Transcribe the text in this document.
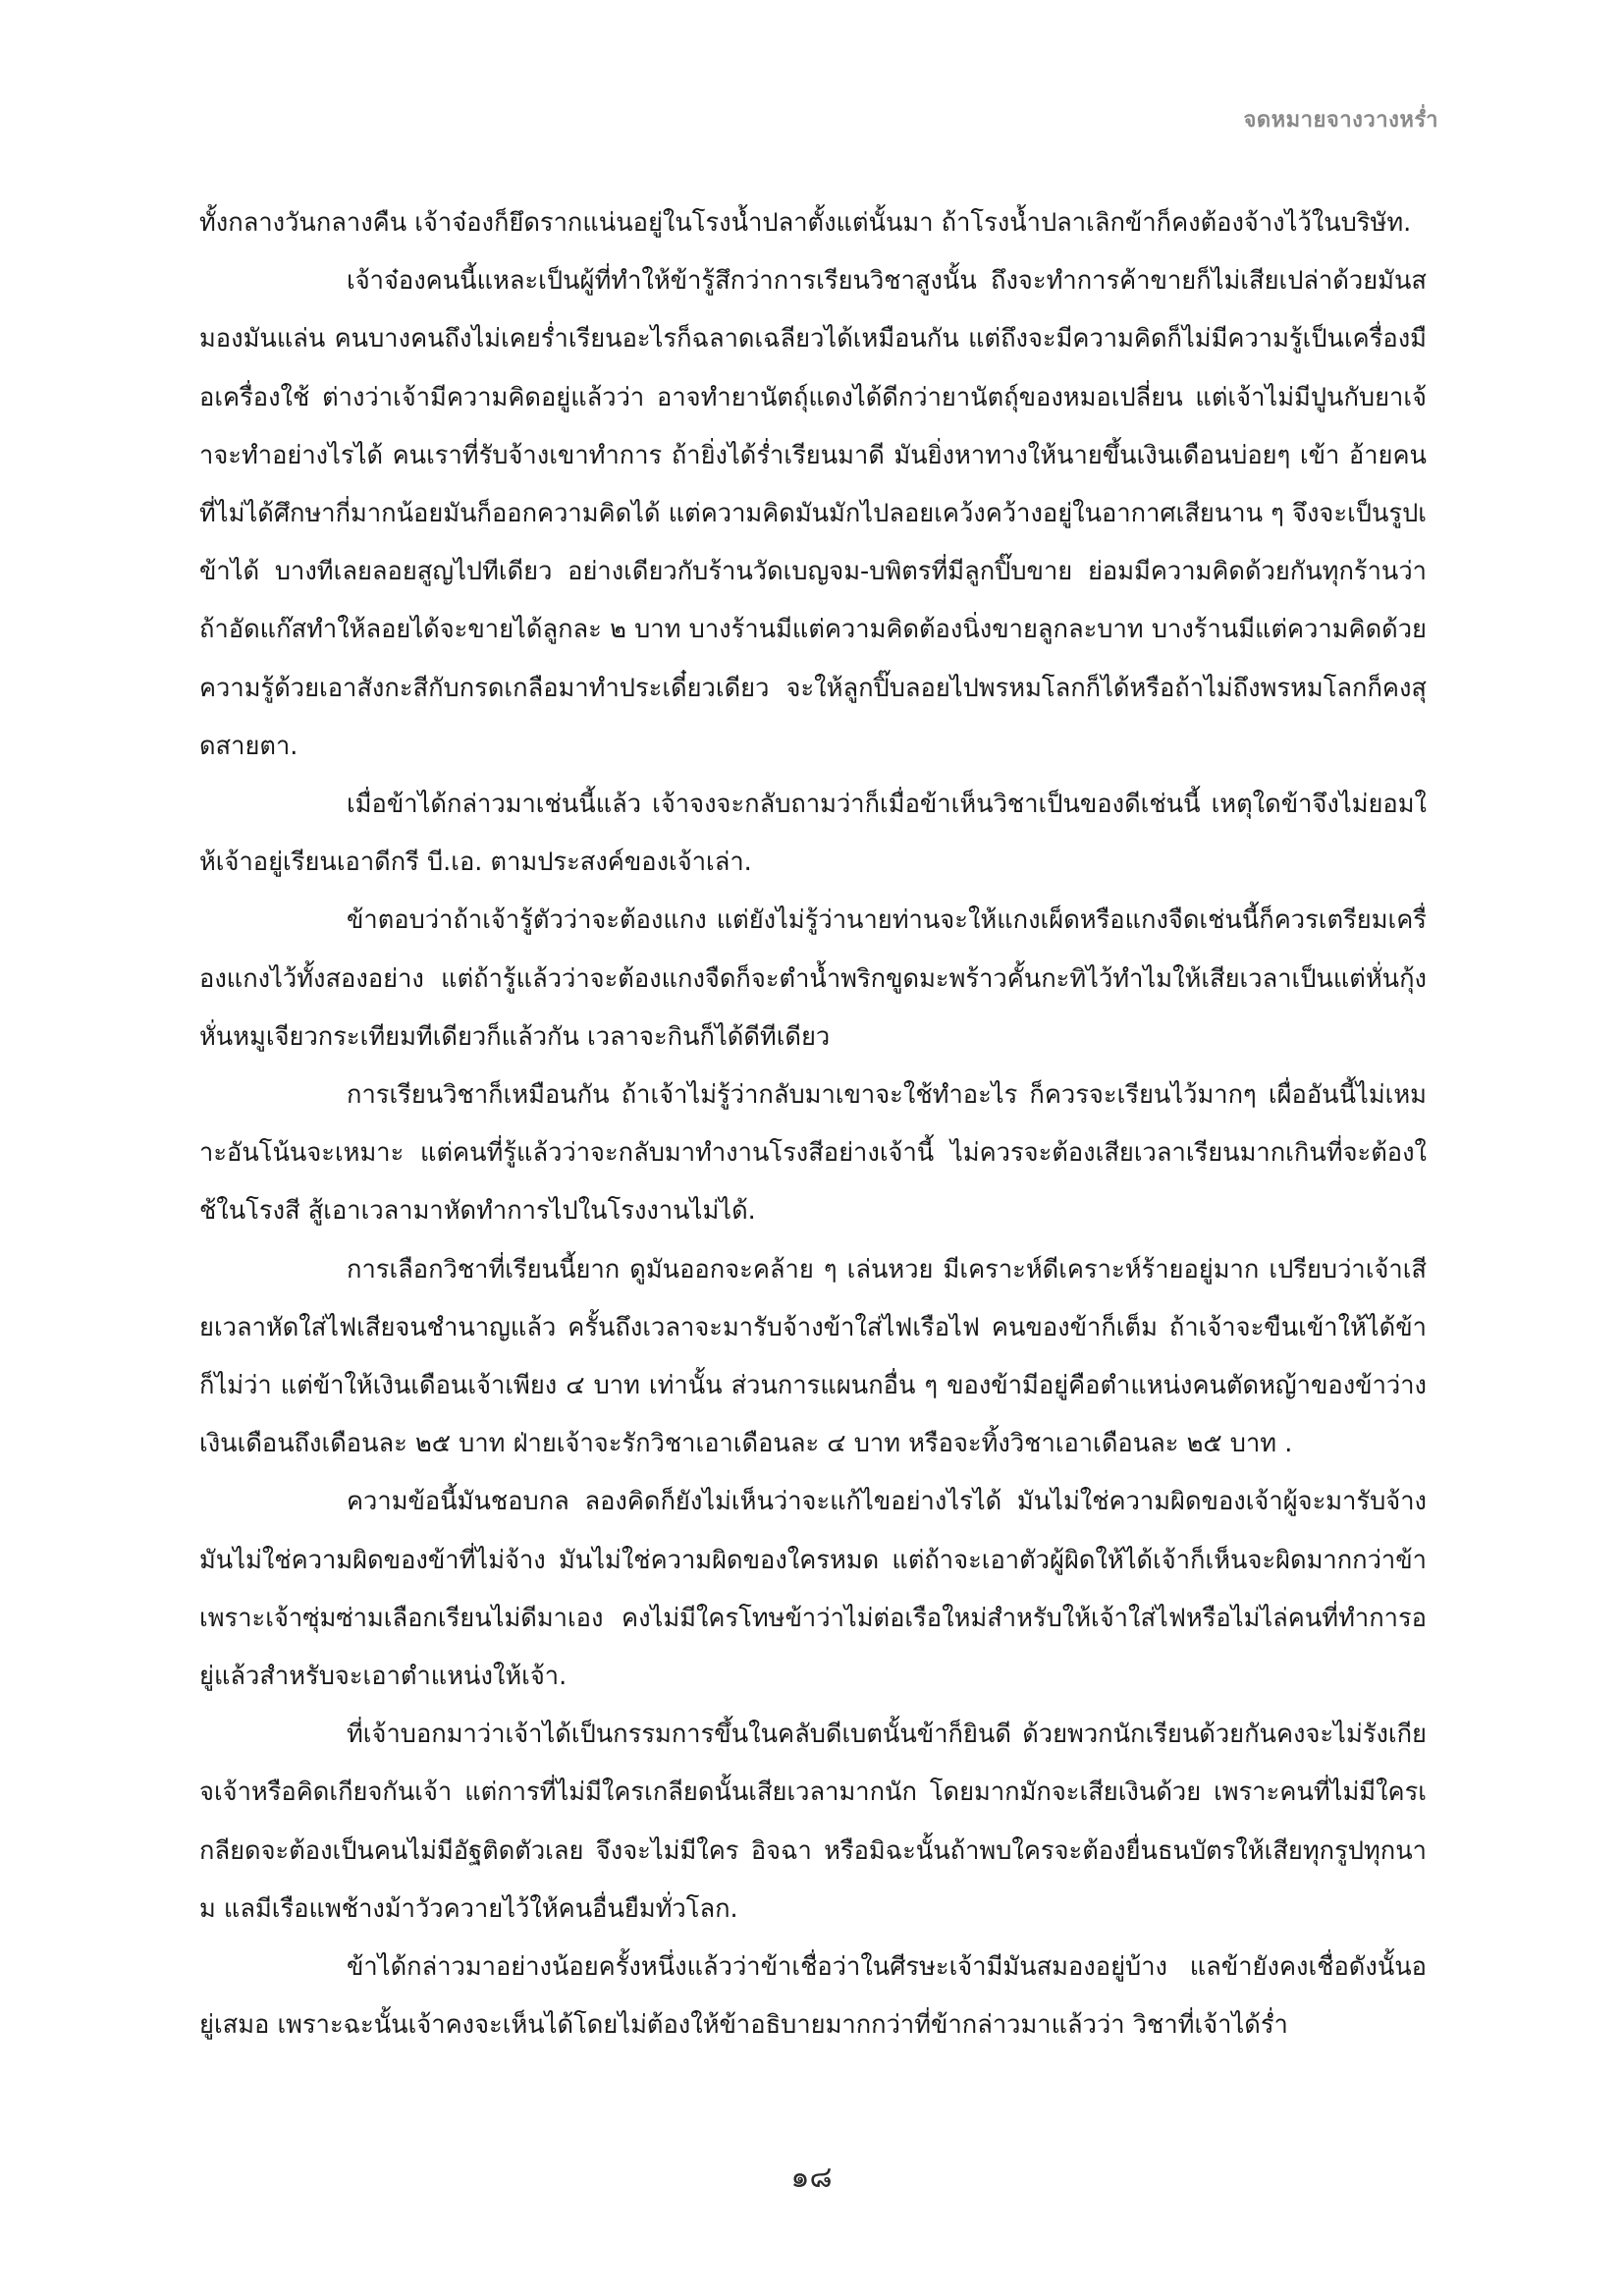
จดหมายจางวางหร่ำ

ทั้งกลางวันกลางคืน เจ้าจ๋องก็ยึดรากแน่นอยู่ในโรงน้ำปลาตั้งแต่นั้นมา ถ้าโรงน้ำปลาเลิกข้าก็คงต้องจ้างไว้ในบริษัท.

เจ้าจ๋องคนนี้แหละเป็นผู้ที่ทำให้ข้ารู้สึกว่าการเรียนวิชาสูงนั้น ถึงจะทำการค้าขายก็ไม่เสียเปล่าด้วยมันสมองมันแล่น คนบางคนถึงไม่เคยร่ำเรียนอะไรก็ฉลาดเฉลียวได้เหมือนกัน แต่ถึงจะมีความคิดก็ไม่มีความรู้เป็นเครื่องมือเครื่องใช้ ต่างว่าเจ้ามีความคิดอยู่แล้วว่า อาจทำยานัตถุ์แดงได้ดีกว่ายานัตถุ์ของหมอเปลี่ยน แต่เจ้าไม่มีปูนกับยาเจ้าจะทำอย่างไรได้ คนเราที่รับจ้างเขาทำการ ถ้ายิ่งได้ร่ำเรียนมาดี มันยิ่งหาทางให้นายขึ้นเงินเดือนบ่อยๆ เข้า อ้ายคนที่ไม่ได้ศึกษากี่มากน้อยมันก็ออกความคิดได้ แต่ความคิดมันมักไปลอยเคว้งคว้างอยู่ในอากาศเสียนาน ๆ จึงจะเป็นรูปเข้าได้ บางทีเลยลอยสูญไปทีเดียว อย่างเดียวกับร้านวัดเบญจม-บพิตรที่มีลูกปิ๊บขาย ย่อมมีความคิดด้วยกันทุกร้านว่า ถ้าอัดแก๊สทำให้ลอยได้จะขายได้ลูกละ ๒ บาท บางร้านมีแต่ความคิดต้องนิ่งขายลูกละบาท บางร้านมีแต่ความคิดด้วยความรู้ด้วยเอาสังกะสีกับกรดเกลือมาทำประเดี๋ยวเดียว จะให้ลูกปิ๊บลอยไปพรหมโลกก็ได้หรือถ้าไม่ถึงพรหมโลกก็คงสุดสายตา.

เมื่อข้าได้กล่าวมาเช่นนี้แล้ว เจ้าจงจะกลับถามว่าก็เมื่อข้าเห็นวิชาเป็นของดีเช่นนี้ เหตุใดข้าจึงไม่ยอมให้เจ้าอยู่เรียนเอาดีกรี บี.เอ. ตามประสงค์ของเจ้าเล่า.

ข้าตอบว่าถ้าเจ้ารู้ตัวว่าจะต้องแกง แต่ยังไม่รู้ว่านายท่านจะให้แกงเผ็ดหรือแกงจืดเช่นนี้ก็ควรเตรียมเครื่องแกงไว้ทั้งสองอย่าง แต่ถ้ารู้แล้วว่าจะต้องแกงจืดก็จะตำน้ำพริกขูดมะพร้าวคั้นกะทิไว้ทำไมให้เสียเวลาเป็นแต่หั่นกุ้งหั่นหมูเจียวกระเทียมทีเดียวก็แล้วกัน เวลาจะกินก็ได้ดีทีเดียว

การเรียนวิชาก็เหมือนกัน ถ้าเจ้าไม่รู้ว่ากลับมาเขาจะใช้ทำอะไร ก็ควรจะเรียนไว้มากๆ เผื่ออันนี้ไม่เหมาะอันโน้นจะเหมาะ แต่คนที่รู้แล้วว่าจะกลับมาทำงานโรงสีอย่างเจ้านี้ ไม่ควรจะต้องเสียเวลาเรียนมากเกินที่จะต้องใช้ในโรงสี สู้เอาเวลามาหัดทำการไปในโรงงานไม่ได้.

การเลือกวิชาที่เรียนนี้ยาก ดูมันออกจะคล้าย ๆ เล่นหวย มีเคราะห์ดีเคราะห์ร้ายอยู่มาก เปรียบว่าเจ้าเสียเวลาหัดใส่ไฟเสียจนชำนาญแล้ว ครั้นถึงเวลาจะมารับจ้างข้าใส่ไฟเรือไฟ คนของข้าก็เต็ม ถ้าเจ้าจะขืนเข้าให้ได้ข้าก็ไม่ว่า แต่ข้าให้เงินเดือนเจ้าเพียง ๔ บาท เท่านั้น ส่วนการแผนกอื่น ๆ ของข้ามีอยู่คือตำแหน่งคนตัดหญ้าของข้าว่างเงินเดือนถึงเดือนละ ๒๕ บาท ฝ่ายเจ้าจะรักวิชาเอาเดือนละ ๔ บาท หรือจะทิ้งวิชาเอาเดือนละ ๒๕ บาท .

ความข้อนี้มันชอบกล ลองคิดก็ยังไม่เห็นว่าจะแก้ไขอย่างไรได้ มันไม่ใช่ความผิดของเจ้าผู้จะมารับจ้าง มันไม่ใช่ความผิดของข้าที่ไม่จ้าง มันไม่ใช่ความผิดของใครหมด แต่ถ้าจะเอาตัวผู้ผิดให้ได้เจ้าก็เห็นจะผิดมากกว่าข้า เพราะเจ้าซุ่มซ่ามเลือกเรียนไม่ดีมาเอง คงไม่มีใครโทษข้าว่าไม่ต่อเรือใหม่สำหรับให้เจ้าใส่ไฟหรือไม่ไล่คนที่ทำการอยู่แล้วสำหรับจะเอาตำแหน่งให้เจ้า.

ที่เจ้าบอกมาว่าเจ้าได้เป็นกรรมการขึ้นในคลับดีเบตนั้นข้าก็ยินดี ด้วยพวกนักเรียนด้วยกันคงจะไม่รังเกียจเจ้าหรือคิดเกียจกันเจ้า แต่การที่ไม่มีใครเกลียดนั้นเสียเวลามากนัก โดยมากมักจะเสียเงินด้วย เพราะคนที่ไม่มีใครเกลียดจะต้องเป็นคนไม่มีอัฐติดตัวเลย จึงจะไม่มีใคร อิจฉา หรือมิฉะนั้นถ้าพบใครจะต้องยื่นธนบัตรให้เสียทุกรูปทุกนาม แลมีเรือแพช้างม้าวัวควายไว้ให้คนอื่นยืมทั่วโลก.

ข้าได้กล่าวมาอย่างน้อยครั้งหนึ่งแล้วว่าข้าเชื่อว่าในศีรษะเจ้ามีมันสมองอยู่บ้าง แลข้ายังคงเชื่อดังนั้นอยู่เสมอ เพราะฉะนั้นเจ้าคงจะเห็นได้โดยไม่ต้องให้ข้าอธิบายมากกว่าที่ข้ากล่าวมาแล้วว่า วิชาที่เจ้าได้ร่ำ

๑๘
